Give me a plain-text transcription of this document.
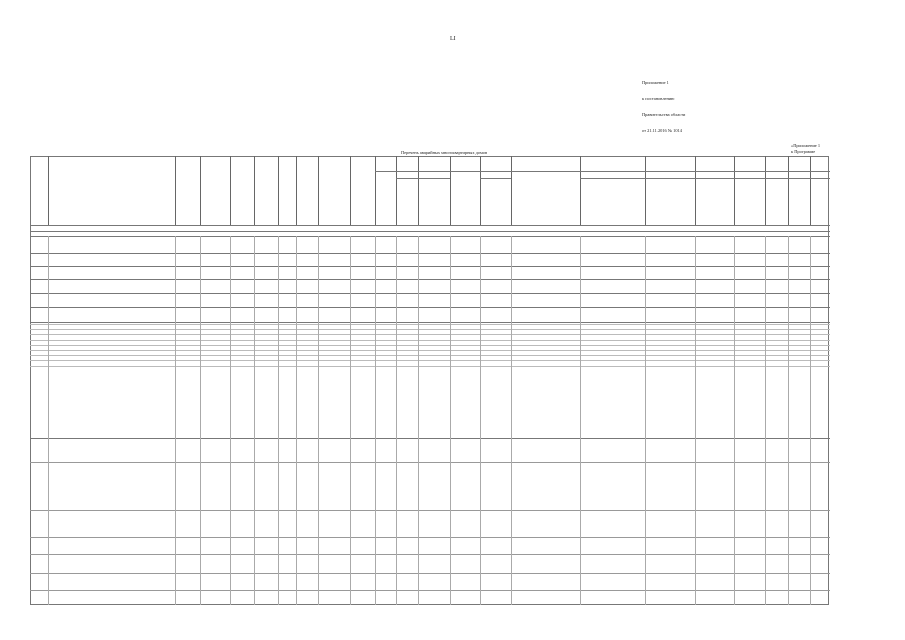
LI
Приложение 1
к постановлению
Правительства области
от 21.11.2016 № 1014
«Приложение 1
к Программе
Перечень аварийных многоквартирных домов
